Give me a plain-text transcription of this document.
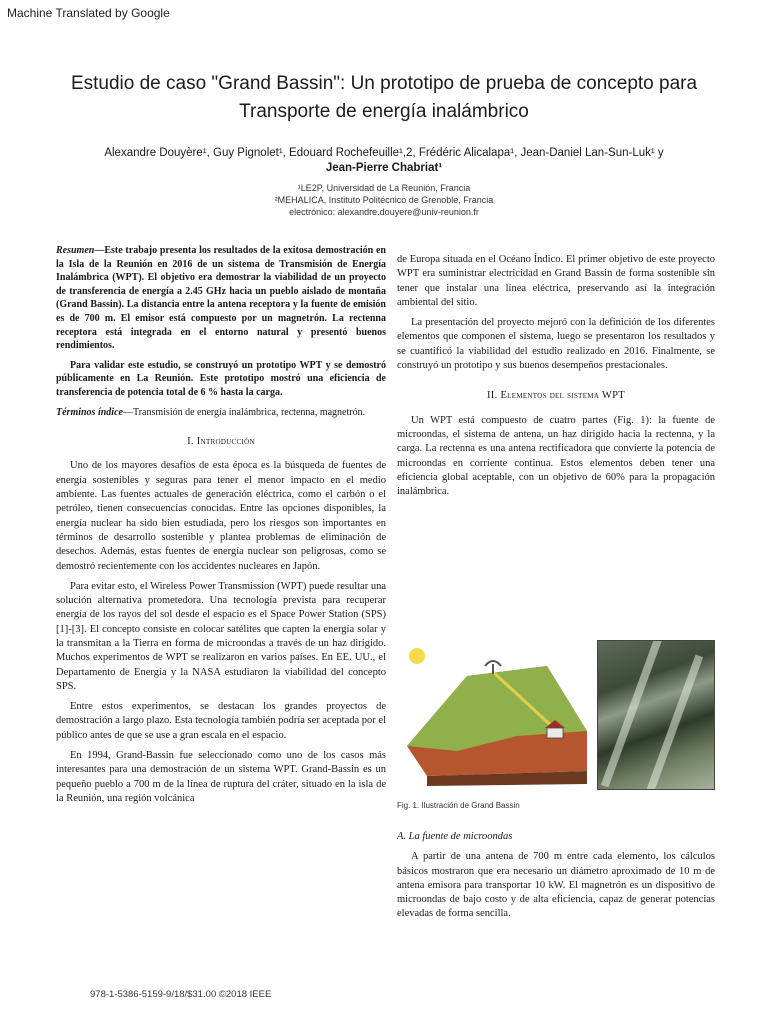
Machine Translated by Google
Estudio de caso "Grand Bassin": Un prototipo de prueba de concepto para
Transporte de energía inalámbrico
Alexandre Douyère¹, Guy Pignolet¹, Edouard Rochefeuille¹,2, Frédéric Alicalapa¹, Jean-Daniel Lan-Sun-Luk¹ y
Jean-Pierre Chabriat¹
¹LE2P, Universidad de La Reunión, Francia
²MEHALICA, Instituto Politécnico de Grenoble, Francia
electrónico: alexandre.douyere@univ-reunion.fr

Resumen—Este trabajo presenta los resultados de la exitosa demostración en la Isla de la Reunión en 2016 de un sistema de Transmisión de Energía Inalámbrica (WPT). El objetivo era demostrar la viabilidad de un proyecto de transferencia de energía a 2.45 GHz hacia un pueblo aislado de montaña (Grand Bassin). La distancia entre la antena receptora y la fuente de emisión es de 700 m. El emisor está compuesto por un magnetrón. La rectenna receptora está integrada en el entorno natural y presentó buenos rendimientos.

Para validar este estudio, se construyó un prototipo WPT y se demostró públicamente en La Reunión. Este prototipo mostró una eficiencia de transferencia de potencia total de 6 % hasta la carga.

Términos índice—Transmisión de energía inalámbrica, rectenna, magnetrón.

I. Introducción

Uno de los mayores desafíos de esta época es la búsqueda de fuentes de energía sostenibles y seguras para tener el menor impacto en el medio ambiente. Las fuentes actuales de generación eléctrica, como el carbón o el petróleo, tienen consecuencias conocidas. Entre las opciones disponibles, la energía nuclear ha sido bien estudiada, pero los riesgos son importantes en términos de desarrollo sostenible y plantea problemas de eliminación de desechos. Además, estas fuentes de energía nuclear son peligrosas, como se demostró recientemente con los accidentes nucleares en Japón.

Para evitar esto, el Wireless Power Transmission (WPT) puede resultar una solución alternativa prometedora. Una tecnología prevista para recuperar energía de los rayos del sol desde el espacio es el Space Power Station (SPS) [1]-[3]. El concepto consiste en colocar satélites que capten la energía solar y la transmitan a la Tierra en forma de microondas a través de un haz dirigido. Muchos experimentos de WPT se realizaron en varios países. En EE. UU., el Departamento de Energía y la NASA estudiaron la viabilidad del concepto SPS.

Entre estos experimentos, se destacan los grandes proyectos de demostración a largo plazo. Esta tecnología también podría ser aceptada por el público antes de que se use a gran escala en el espacio.

En 1994, Grand-Bassin fue seleccionado como uno de los casos más interesantes para una demostración de un sistema WPT. Grand-Bassin es un pequeño pueblo a 700 m de la línea de ruptura del cráter, situado en la isla de la Reunión, una región volcánica

de Europa situada en el Océano Índico. El primer objetivo de este proyecto WPT era suministrar electricidad en Grand Bassin de forma sostenible sin tener que instalar una línea eléctrica, preservando así la integración ambiental del sitio.

La presentación del proyecto mejoró con la definición de los diferentes elementos que componen el sistema, luego se presentaron los resultados y se cuantificó la viabilidad del estudio realizado en 2016. Finalmente, se construyó un prototipo y sus buenos desempeños prestacionales.

II. Elementos del sistema WPT

Un WPT está compuesto de cuatro partes (Fig. 1): la fuente de microondas, el sistema de antena, un haz dirigido hacia la rectenna, y la carga. La rectenna es una antena rectificadora que convierte la potencia de microondas en corriente continua. Estos elementos deben tener una eficiencia global aceptable, con un objetivo de 60% para la propagación inalámbrica.

Fig. 1. Ilustración de Grand Bassin
A. La fuente de microondas

A partir de una antena de 700 m entre cada elemento, los cálculos básicos mostraron que era necesario un diámetro aproximado de 10 m de antena emisora para transportar 10 kW. El magnetrón es un dispositivo de microondas de bajo costo y de alta eficiencia, capaz de generar potencias elevadas de forma sencilla.

978-1-5386-5159-9/18/$31.00 ©2018 IEEE
